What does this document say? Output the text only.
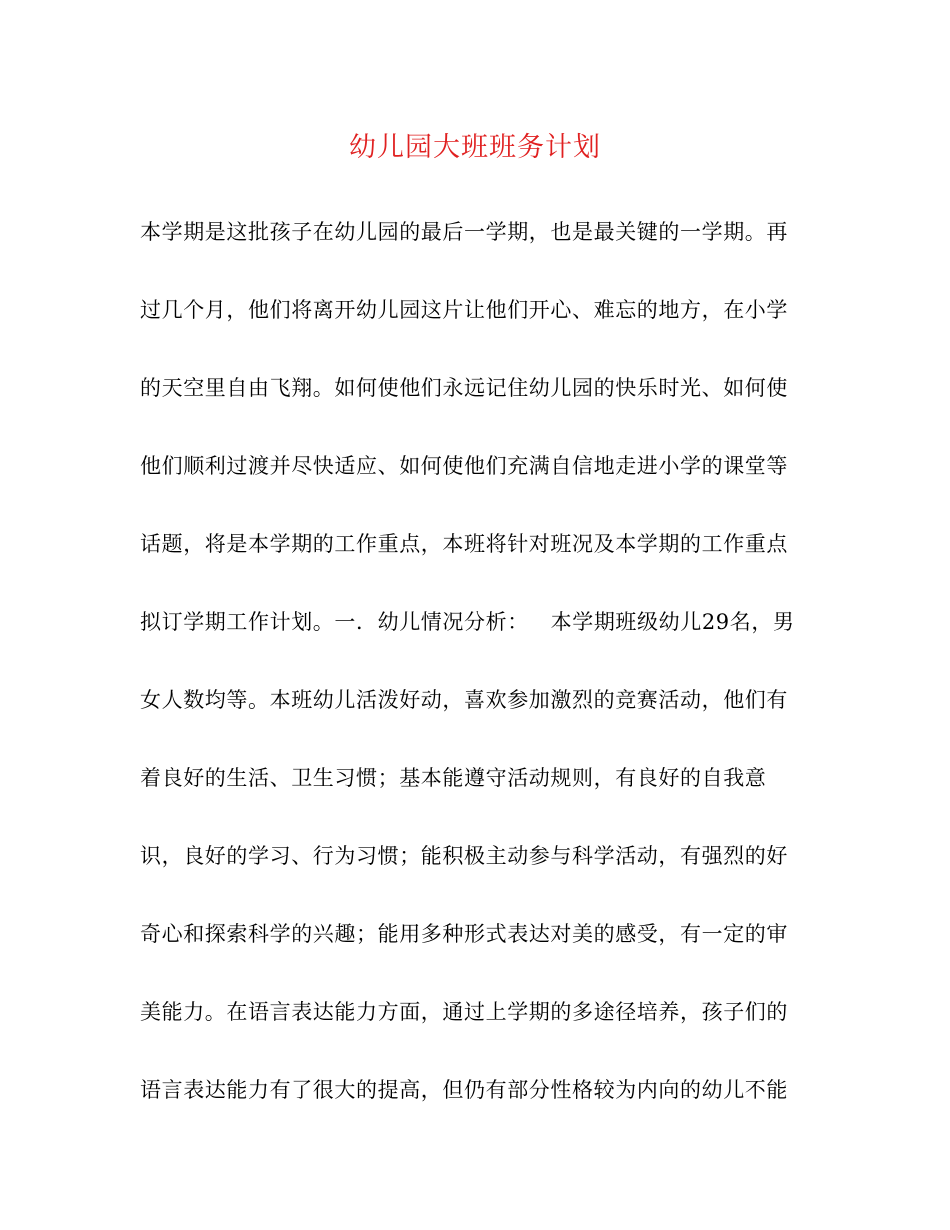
幼儿园大班班务计划
本学期是这批孩子在幼儿园的最后一学期，也是最关键的一学期。再
过几个月，他们将离开幼儿园这片让他们开心、难忘的地方，在小学
的天空里自由飞翔。如何使他们永远记住幼儿园的快乐时光、如何使
他们顺利过渡并尽快适应、如何使他们充满自信地走进小学的课堂等
话题，将是本学期的工作重点，本班将针对班况及本学期的工作重点
拟订学期工作计划。一．幼儿情况分析：   本学期班级幼儿29名，男
女人数均等。本班幼儿活泼好动，喜欢参加激烈的竞赛活动，他们有
着良好的生活、卫生习惯；基本能遵守活动规则，有良好的自我意
识，良好的学习、行为习惯；能积极主动参与科学活动，有强烈的好
奇心和探索科学的兴趣；能用多种形式表达对美的感受，有一定的审
美能力。在语言表达能力方面，通过上学期的多途径培养，孩子们的
语言表达能力有了很大的提高，但仍有部分性格较为内向的幼儿不能
